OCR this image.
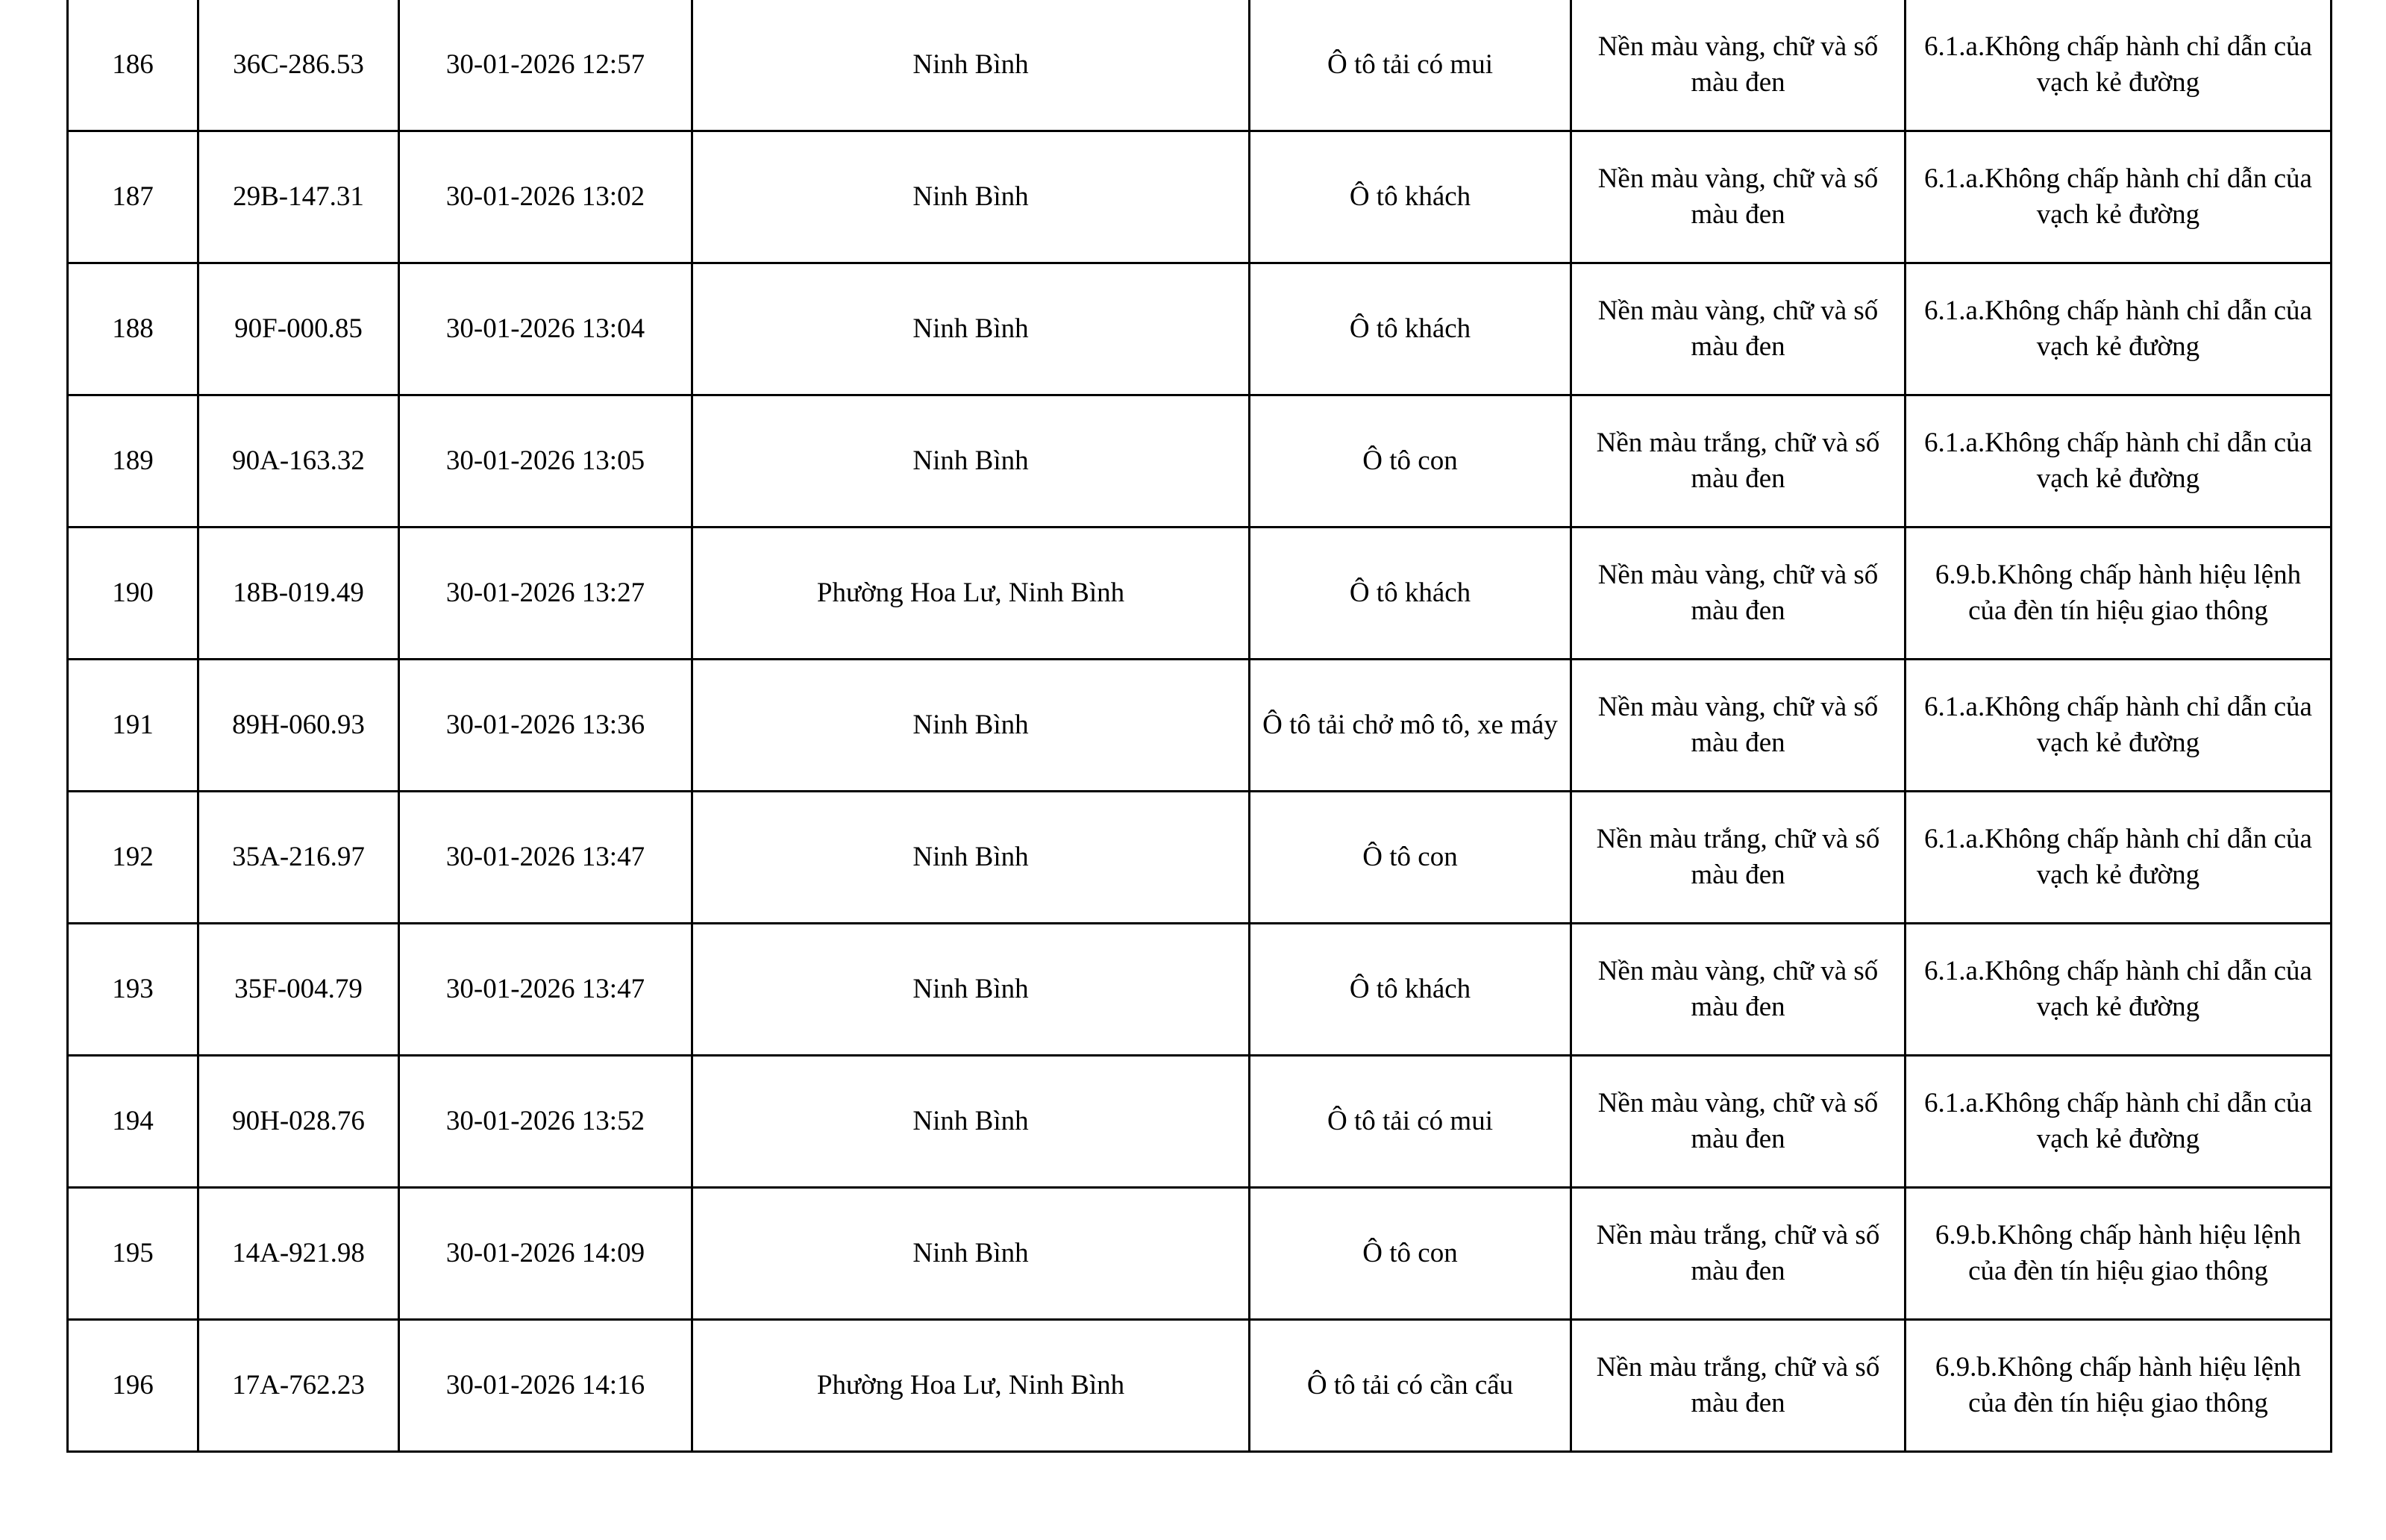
186	36C-286.53	30-01-2026 12:57	Ninh Bình	Ô tô tải có mui	Nền màu vàng, chữ và số màu đen	6.1.a.Không chấp hành chỉ dẫn của vạch kẻ đường
187	29B-147.31	30-01-2026 13:02	Ninh Bình	Ô tô khách	Nền màu vàng, chữ và số màu đen	6.1.a.Không chấp hành chỉ dẫn của vạch kẻ đường
188	90F-000.85	30-01-2026 13:04	Ninh Bình	Ô tô khách	Nền màu vàng, chữ và số màu đen	6.1.a.Không chấp hành chỉ dẫn của vạch kẻ đường
189	90A-163.32	30-01-2026 13:05	Ninh Bình	Ô tô con	Nền màu trắng, chữ và số màu đen	6.1.a.Không chấp hành chỉ dẫn của vạch kẻ đường
190	18B-019.49	30-01-2026 13:27	Phường Hoa Lư, Ninh Bình	Ô tô khách	Nền màu vàng, chữ và số màu đen	6.9.b.Không chấp hành hiệu lệnh của đèn tín hiệu giao thông
191	89H-060.93	30-01-2026 13:36	Ninh Bình	Ô tô tải chở mô tô, xe máy	Nền màu vàng, chữ và số màu đen	6.1.a.Không chấp hành chỉ dẫn của vạch kẻ đường
192	35A-216.97	30-01-2026 13:47	Ninh Bình	Ô tô con	Nền màu trắng, chữ và số màu đen	6.1.a.Không chấp hành chỉ dẫn của vạch kẻ đường
193	35F-004.79	30-01-2026 13:47	Ninh Bình	Ô tô khách	Nền màu vàng, chữ và số màu đen	6.1.a.Không chấp hành chỉ dẫn của vạch kẻ đường
194	90H-028.76	30-01-2026 13:52	Ninh Bình	Ô tô tải có mui	Nền màu vàng, chữ và số màu đen	6.1.a.Không chấp hành chỉ dẫn của vạch kẻ đường
195	14A-921.98	30-01-2026 14:09	Ninh Bình	Ô tô con	Nền màu trắng, chữ và số màu đen	6.9.b.Không chấp hành hiệu lệnh của đèn tín hiệu giao thông
196	17A-762.23	30-01-2026 14:16	Phường Hoa Lư, Ninh Bình	Ô tô tải có cần cẩu	Nền màu trắng, chữ và số màu đen	6.9.b.Không chấp hành hiệu lệnh của đèn tín hiệu giao thông
